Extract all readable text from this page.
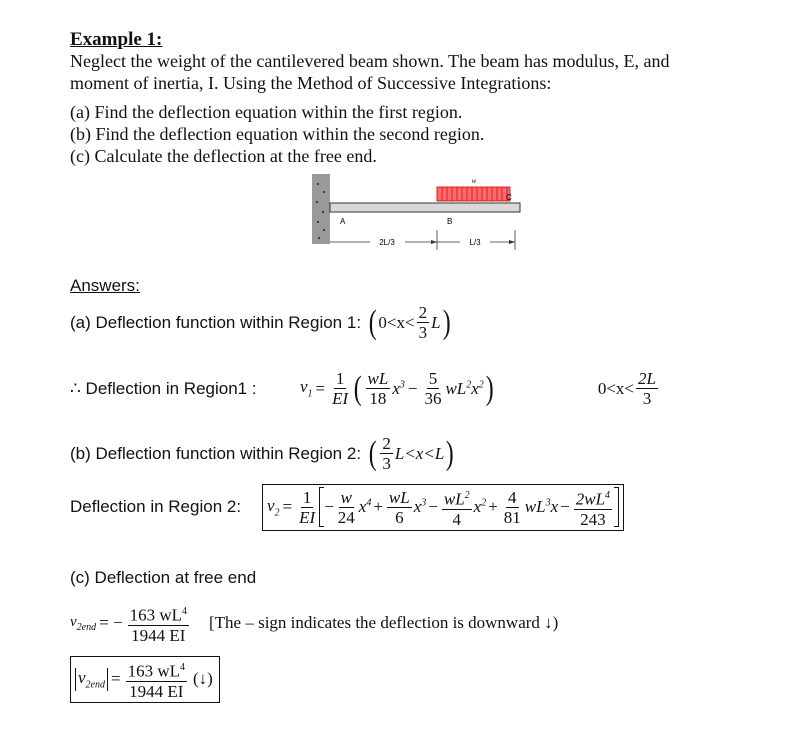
Example 1:
Neglect the weight of the cantilevered beam shown. The beam has modulus, E, and
moment of inertia, I. Using the Method of Successive Integrations:
(a) Find the deflection equation within the first region.
(b) Find the deflection equation within the second region.
(c) Calculate the deflection at the free end.
w
A	B
C
2L/3	L/3
Answers:
(a) Deflection function within Region 1: ( $0<x< \frac{2}{3}$ L )
∴ Deflection in Region1 :	$v_1 = \frac{1}{EI}$ ( $\frac{wL}{18} x^3 - \frac{5}{36} wL^2x^2$ )	$0<x< \frac{2L}{3}$
(b) Deflection function within Region 2: ( $\frac{2}{3} L<x<L$ )
Deflection in Region 2:	$v_2 = \frac{1}{EI} - \frac{w}{24} x^4 + \frac{wL}{6} x^3 - \frac{wL^2}{4} x^2 + \frac{4}{81} wL^3x - \frac{2wL^4}{243}$
(c) Deflection at free end
$v_{2end}$ = − $\frac{163 wL^4}{1944 EI} [The$ – sign indicates the deflection is downward ↓)
$v_{2end} = \frac{163 wL^4}{1944 EI}$ (↓)
